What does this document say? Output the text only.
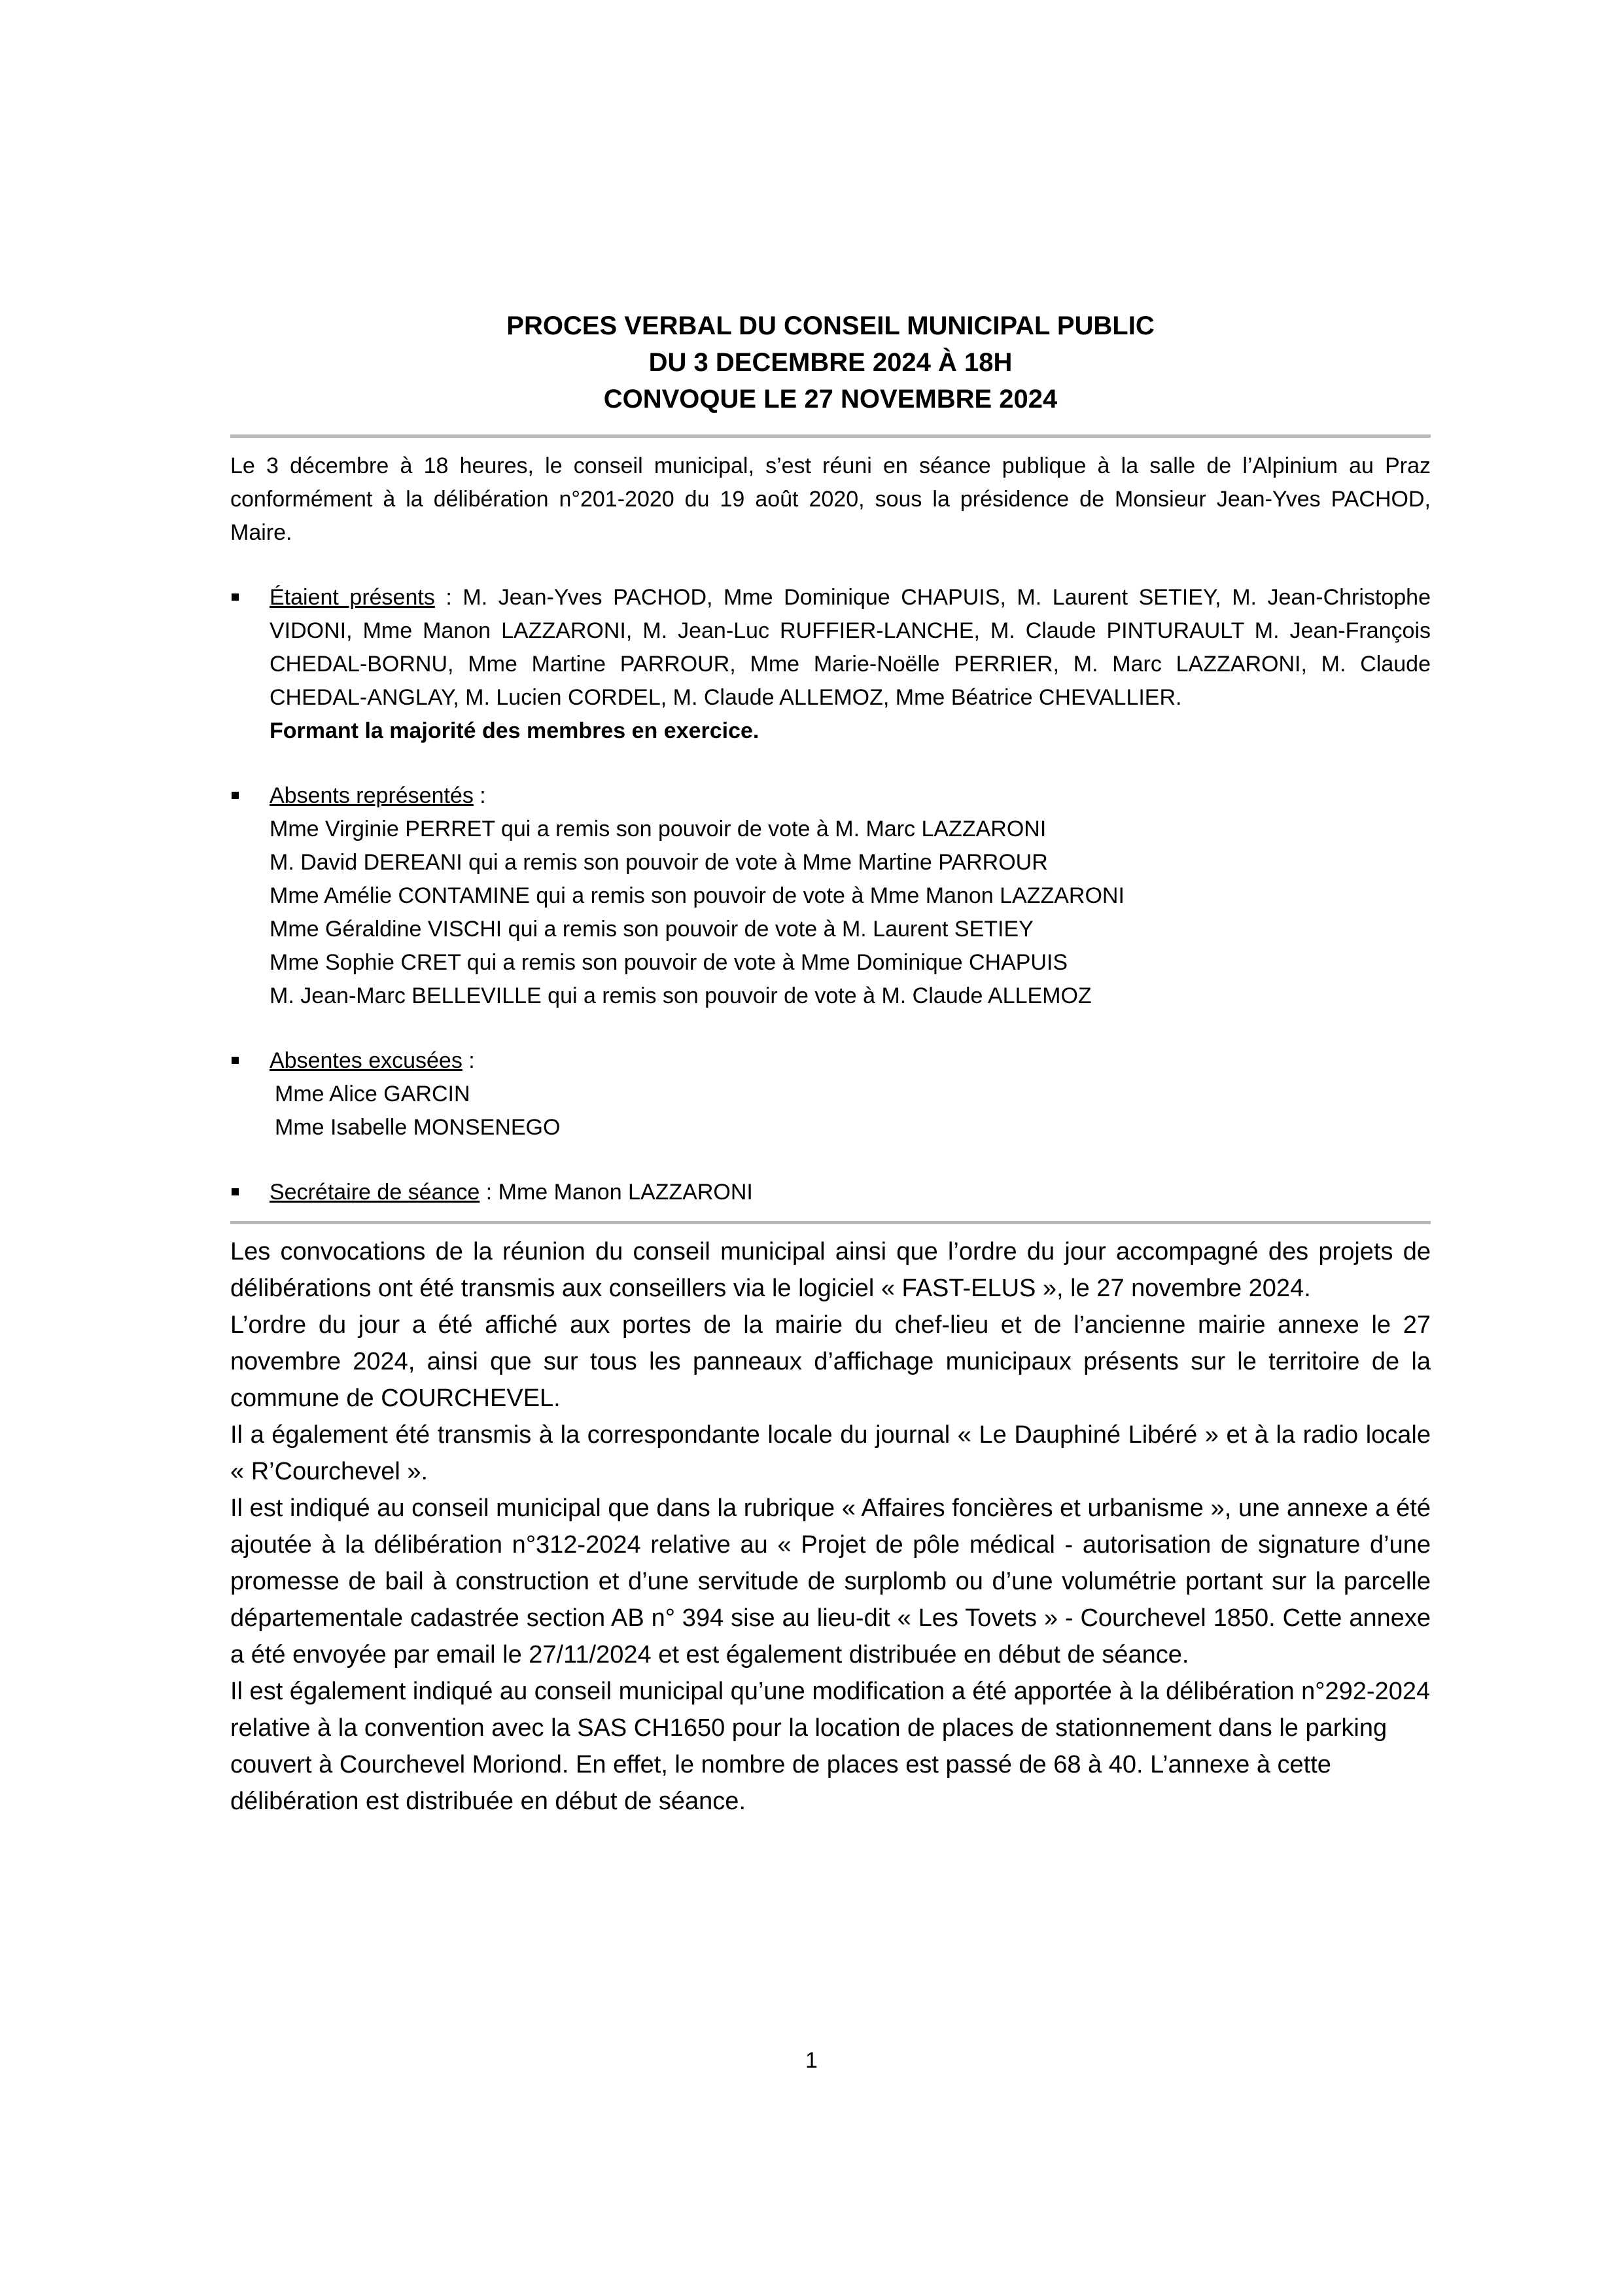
PROCES VERBAL DU CONSEIL MUNICIPAL PUBLIC
DU 3 DECEMBRE 2024 À 18H
CONVOQUE LE 27 NOVEMBRE 2024
Le 3 décembre à 18 heures, le conseil municipal, s’est réuni en séance publique à la salle de l’Alpinium au Praz conformément à la délibération n°201-2020 du 19 août 2020, sous la présidence de Monsieur Jean-Yves PACHOD, Maire.
Étaient présents : M. Jean-Yves PACHOD, Mme Dominique CHAPUIS, M. Laurent SETIEY, M. Jean-Christophe VIDONI, Mme Manon LAZZARONI, M. Jean-Luc RUFFIER-LANCHE, M. Claude PINTURAULT M. Jean-François CHEDAL-BORNU, Mme Martine PARROUR, Mme Marie-Noëlle PERRIER, M. Marc LAZZARONI, M. Claude CHEDAL-ANGLAY, M. Lucien CORDEL, M. Claude ALLEMOZ, Mme Béatrice CHEVALLIER.
Formant la majorité des membres en exercice.
Absents représentés :
Mme Virginie PERRET qui a remis son pouvoir de vote à M. Marc LAZZARONI
M. David DEREANI qui a remis son pouvoir de vote à Mme Martine PARROUR
Mme Amélie CONTAMINE qui a remis son pouvoir de vote à Mme Manon LAZZARONI
Mme Géraldine VISCHI qui a remis son pouvoir de vote à M. Laurent SETIEY
Mme Sophie CRET qui a remis son pouvoir de vote à Mme Dominique CHAPUIS
M. Jean-Marc BELLEVILLE qui a remis son pouvoir de vote à M. Claude ALLEMOZ
Absentes excusées :
Mme Alice GARCIN
Mme Isabelle MONSENEGO
Secrétaire de séance : Mme Manon LAZZARONI

Les convocations de la réunion du conseil municipal ainsi que l’ordre du jour accompagné des projets de délibérations ont été transmis aux conseillers via le logiciel « FAST-ELUS », le 27 novembre 2024.

L’ordre du jour a été affiché aux portes de la mairie du chef-lieu et de l’ancienne mairie annexe le 27 novembre 2024, ainsi que sur tous les panneaux d’affichage municipaux présents sur le territoire de la commune de COURCHEVEL.

Il a également été transmis à la correspondante locale du journal « Le Dauphiné Libéré » et à la radio locale « R’Courchevel ».

Il est indiqué au conseil municipal que dans la rubrique « Affaires foncières et urbanisme », une annexe a été ajoutée à la délibération n°312-2024 relative au « Projet de pôle médical - autorisation de signature d’une promesse de bail à construction et d’une servitude de surplomb ou d’une volumétrie portant sur la parcelle départementale cadastrée section AB n° 394 sise au lieu-dit « Les Tovets » - Courchevel 1850. Cette annexe a été envoyée par email le 27/11/2024 et est également distribuée en début de séance.

Il est également indiqué au conseil municipal qu’une modification a été apportée à la délibération n°292-2024 relative à la convention avec la SAS CH1650 pour la location de places de stationnement dans le parking couvert à Courchevel Moriond. En effet, le nombre de places est passé de 68 à 40. L’annexe à cette délibération est distribuée en début de séance.

1
